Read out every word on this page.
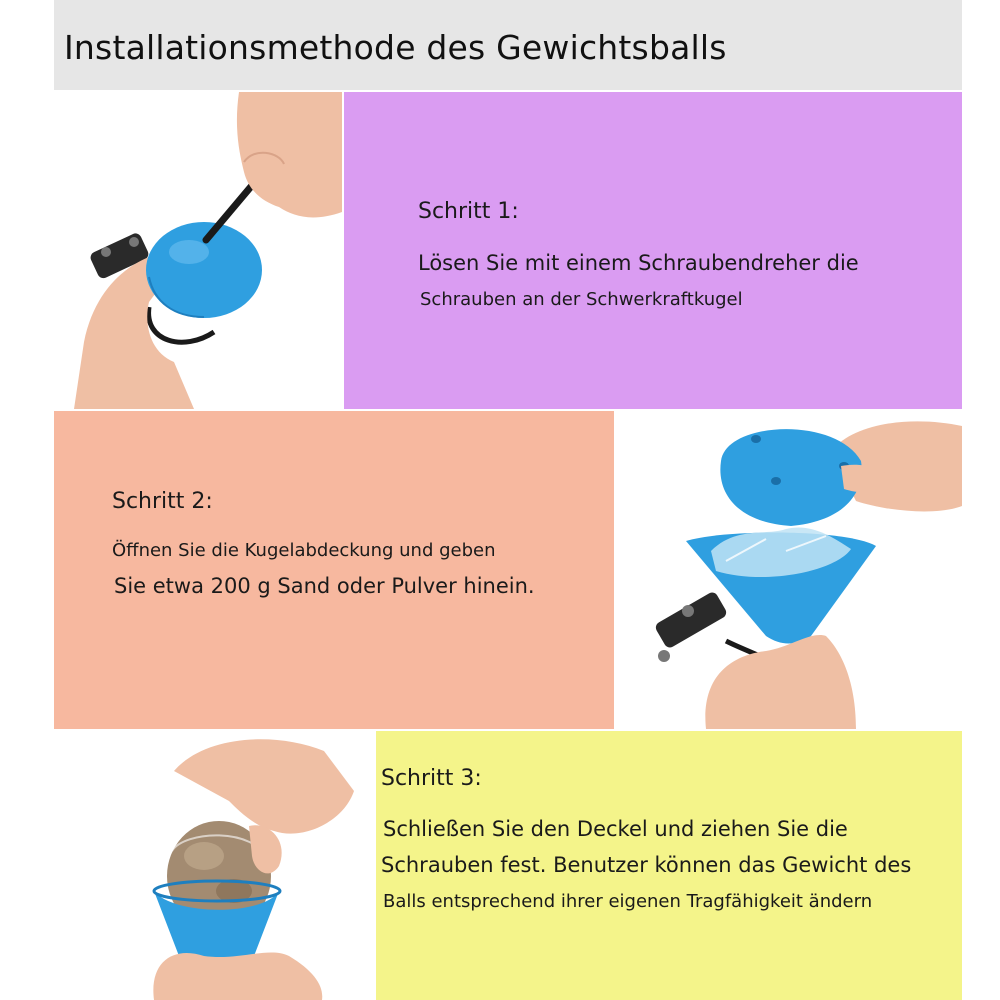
Installationsmethode des Gewichtsballs
Schritt 1:
Lösen Sie mit einem Schraubendreher die
Schrauben an der Schwerkraftkugel
Schritt 2:
Öffnen Sie die Kugelabdeckung und geben
Sie etwa 200 g Sand oder Pulver hinein.
Schritt 3:
Schließen Sie den Deckel und ziehen Sie die
Schrauben fest. Benutzer können das Gewicht des
Balls entsprechend ihrer eigenen Tragfähigkeit ändern
